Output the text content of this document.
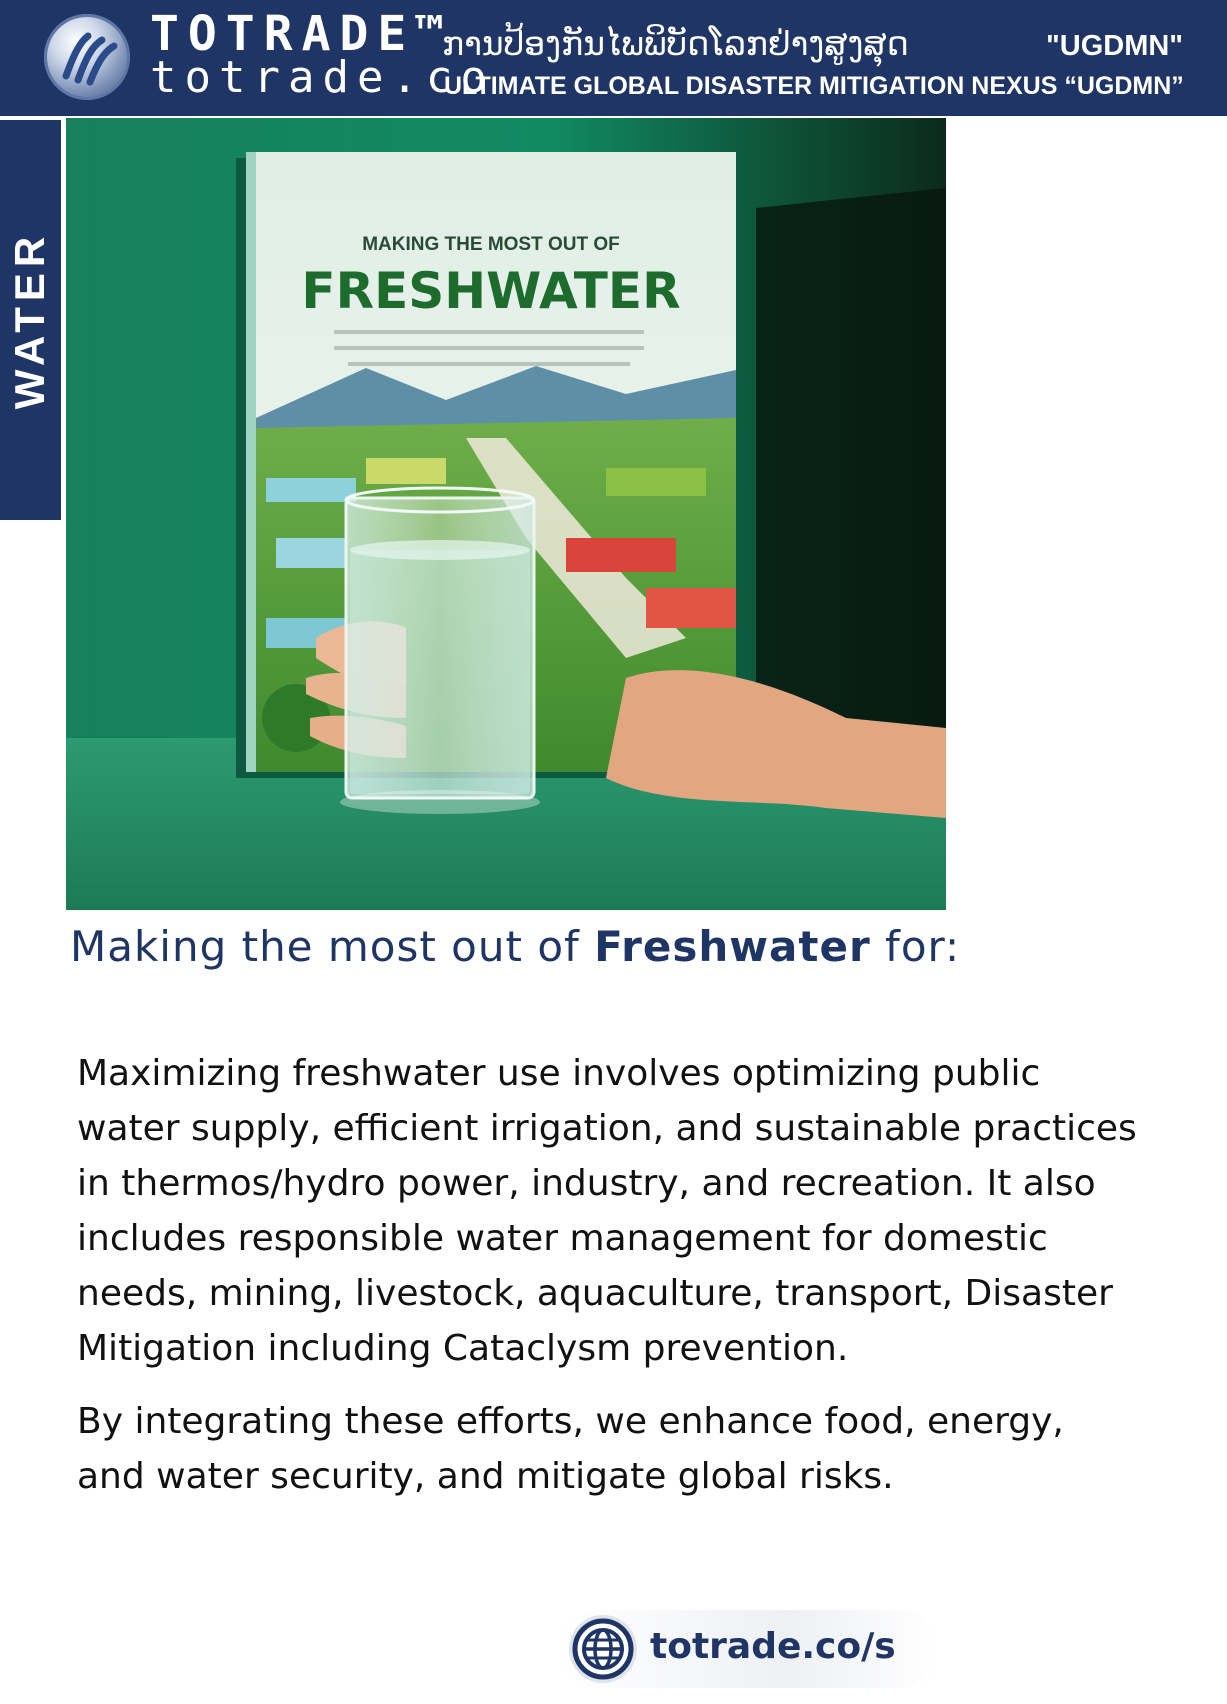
TOTRADE™
totrade.co
ການປ້ອງກັນໄພພິບັດໂລກຢ່າງສູງສຸດ	"UGDMN"
ULTIMATE GLOBAL DISASTER MITIGATION NEXUS “UGDMN”
WATER	MAKING THE MOST OUT OF
FRESHWATER
Making the most out of Freshwater for:

Maximizing freshwater use involves optimizing public water supply, efficient irrigation, and sustainable practices in thermos/hydro power, industry, and recreation. It also includes responsible water management for domestic needs, mining, livestock, aquaculture, transport, Disaster Mitigation including Cataclysm prevention.

By integrating these efforts, we enhance food, energy, and water security, and mitigate global risks.

totrade.co/s
